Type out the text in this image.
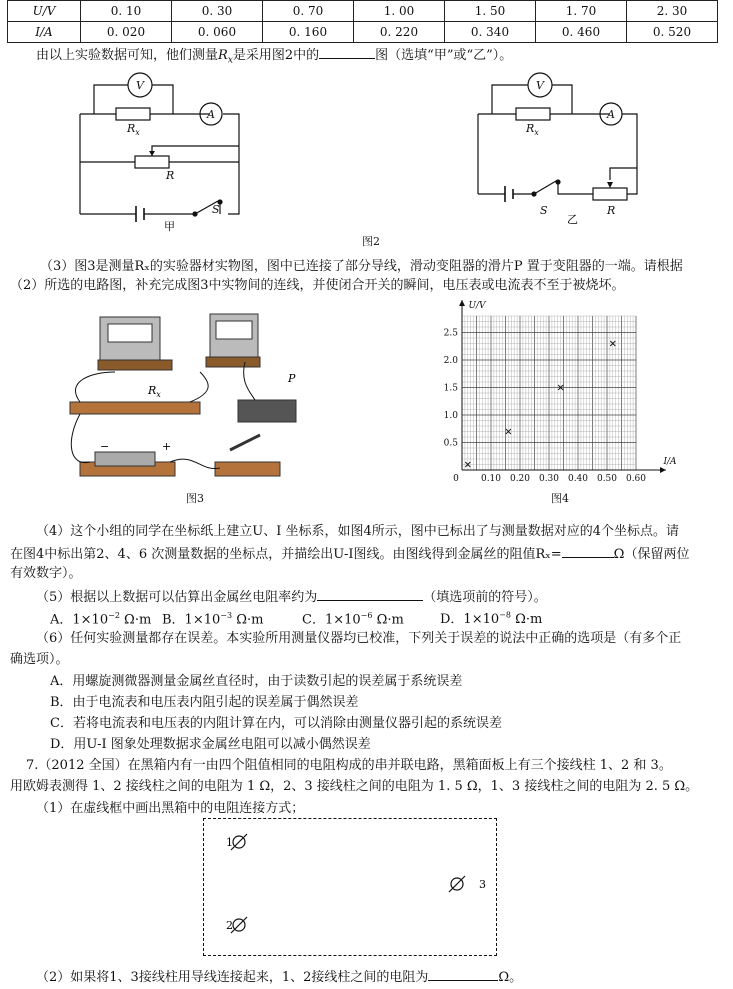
U/V	0. 10	0. 30	0. 70	1. 00	1. 50	1. 70	2. 30
I/A	0. 020	0. 060	0. 160	0. 220	0. 340	0. 460	0. 520
由以上实验数据可知，他们测量$R_x$是采用图2中的	图（选填“甲”或“乙”）。
V
A
$R_x$
R
S
V
A
$R_x$
R
S
甲
乙
图2
（3）图3是测量Rₓ的实验器材实物图，图中已连接了部分导线，滑动变阻器的滑片P 置于变阻器的一端。请根据
（2）所选的电路图，补充完成图3中实物间的连线，并使闭合开关的瞬间，电压表或电流表不至于被烧坏。
$R_x$
P
−	+
图3
U/V
I/A
0 0.10 0.20 0.30 0.40 0.50 0.60
0.5
1.0
1.5
2.0
2.5
图4
（4）这个小组的同学在坐标纸上建立U、I 坐标系，如图4所示，图中已标出了与测量数据对应的4个坐标点。请
在图4中标出第2、4、6 次测量数据的坐标点，并描绘出U-I图线。由图线得到金属丝的阻值Rₓ=	Ω（保留两位
有效数字）。
（5）根据以上数据可以估算出金属丝电阻率约为	（填选项前的符号）。
A．$1\times 10^{-2}$ Ω·m B．$1\times 10^{-3}$ Ω·m	C．$1\times 10^{-6}$ Ω·m	D．$1\times 10^{-8}$ Ω·m
（6）任何实验测量都存在误差。本实验所用测量仪器均已校准，下列关于误差的说法中正确的选项是（有多个正
确选项）。
A．用螺旋测微器测量金属丝直径时，由于读数引起的误差属于系统误差
B．由于电流表和电压表内阻引起的误差属于偶然误差
C．若将电流表和电压表的内阻计算在内，可以消除由测量仪器引起的系统误差
D．用U-I 图象处理数据求金属丝电阻可以减小偶然误差
7.（2012 全国）在黑箱内有一由四个阻值相同的电阻构成的串并联电路，黑箱面板上有三个接线柱 1、2 和 3。
用欧姆表测得 1、2 接线柱之间的电阻为 1 Ω，2、3 接线柱之间的电阻为 1. 5 Ω，1、3 接线柱之间的电阻为 2. 5 Ω。
（1）在虚线框中画出黑箱中的电阻连接方式；
1
3
2
（2）如果将1、3接线柱用导线连接起来，1、2接线柱之间的电阻为	Ω。
